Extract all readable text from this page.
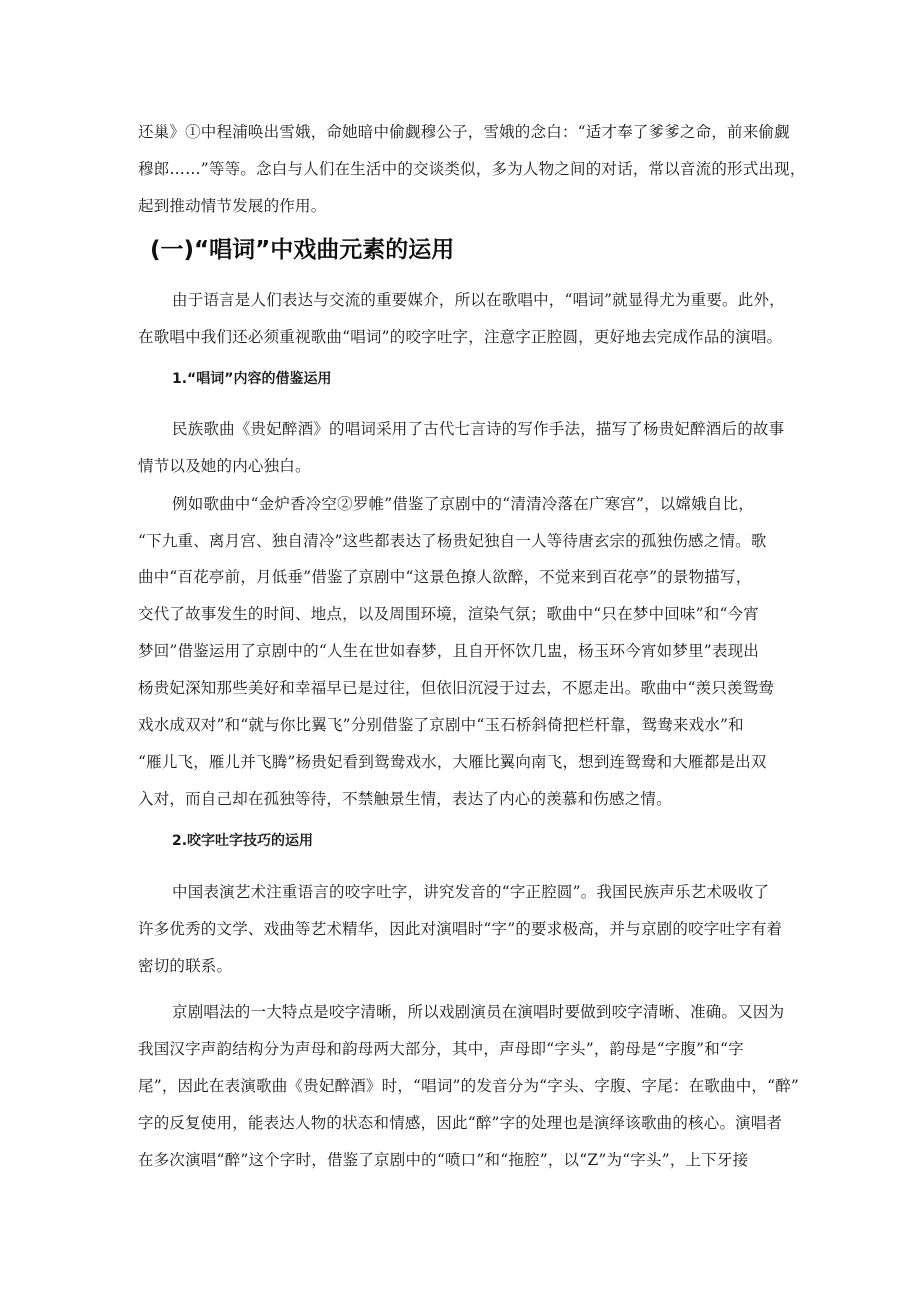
还巢》①中程浦唤出雪娥，命她暗中偷觑穆公子，雪娥的念白：“适才奉了爹爹之命，前来偷觑

穆郎……”等等。念白与人们在生活中的交谈类似，多为人物之间的对话，常以音流的形式出现，

起到推动情节发展的作用。

(一)“唱词”中戏曲元素的运用

由于语言是人们表达与交流的重要媒介，所以在歌唱中，“唱词”就显得尤为重要。此外，

在歌唱中我们还必须重视歌曲“唱词”的咬字吐字，注意字正腔圆，更好地去完成作品的演唱。

1.“唱词”内容的借鉴运用

民族歌曲《贵妃醉酒》的唱词采用了古代七言诗的写作手法，描写了杨贵妃醉酒后的故事

情节以及她的内心独白。

例如歌曲中“金炉香冷空②罗帷”借鉴了京剧中的“清清冷落在广寒宫”，以嫦娥自比，

“下九重、离月宫、独自清冷”这些都表达了杨贵妃独自一人等待唐玄宗的孤独伤感之情。歌

曲中“百花亭前，月低垂”借鉴了京剧中“这景色撩人欲醉，不觉来到百花亭”的景物描写，

交代了故事发生的时间、地点，以及周围环境，渲染气氛；歌曲中“只在梦中回味”和“今宵

梦回”借鉴运用了京剧中的“人生在世如春梦，且自开怀饮几盅，杨玉环今宵如梦里”表现出

杨贵妃深知那些美好和幸福早已是过往，但依旧沉浸于过去，不愿走出。歌曲中“羡只羡鸳鸯

戏水成双对”和“就与你比翼飞”分别借鉴了京剧中“玉石桥斜倚把栏杆靠，鸳鸯来戏水”和

“雁儿飞，雁儿并飞腾”杨贵妃看到鸳鸯戏水，大雁比翼向南飞，想到连鸳鸯和大雁都是出双

入对，而自己却在孤独等待，不禁触景生情，表达了内心的羡慕和伤感之情。

2.咬字吐字技巧的运用

中国表演艺术注重语言的咬字吐字，讲究发音的“字正腔圆”。我国民族声乐艺术吸收了

许多优秀的文学、戏曲等艺术精华，因此对演唱时“字”的要求极高，并与京剧的咬字吐字有着

密切的联系。

京剧唱法的一大特点是咬字清晰，所以戏剧演员在演唱时要做到咬字清晰、准确。又因为

我国汉字声韵结构分为声母和韵母两大部分，其中，声母即“字头”，韵母是“字腹”和“字

尾”，因此在表演歌曲《贵妃醉酒》时，“唱词”的发音分为“字头、字腹、字尾：在歌曲中，“醉”

字的反复使用，能表达人物的状态和情感，因此“醉”字的处理也是演绎该歌曲的核心。演唱者

在多次演唱“醉”这个字时，借鉴了京剧中的“喷口”和“拖腔”，以“Z”为“字头”，上下牙接
